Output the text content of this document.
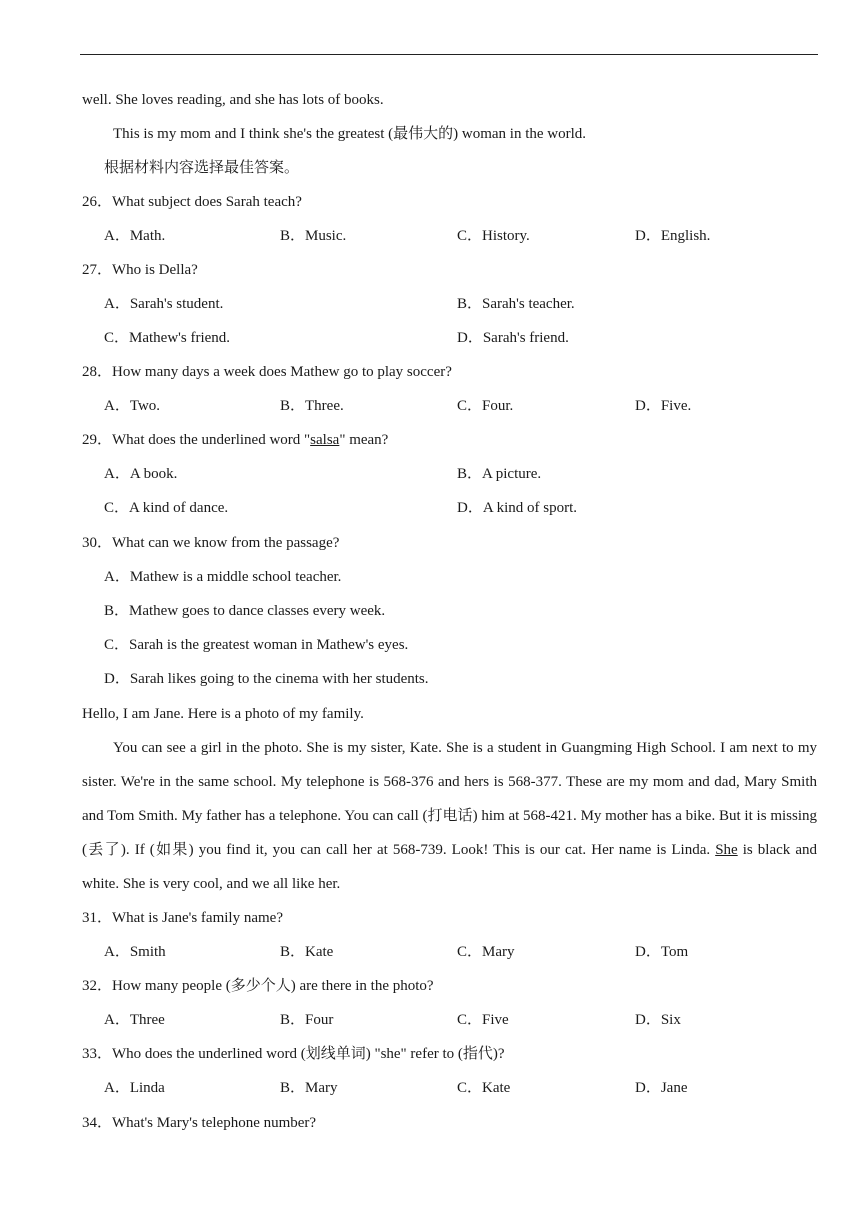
well. She loves reading, and she has lots of books.
This is my mom and I think she's the greatest (最伟大的) woman in the world.
根据材料内容选择最佳答案。
26．What subject does Sarah teach?
A．Math.	B．Music.	C．History.	D．English.
27．Who is Della?
A．Sarah's student.	B．Sarah's teacher.
C．Mathew's friend.	D．Sarah's friend.
28．How many days a week does Mathew go to play soccer?
A．Two.	B．Three.	C．Four.	D．Five.
29．What does the underlined word "salsa" mean?
A．A book.	B．A picture.
C．A kind of dance.	D．A kind of sport.
30．What can we know from the passage?
A．Mathew is a middle school teacher.
B．Mathew goes to dance classes every week.
C．Sarah is the greatest woman in Mathew's eyes.
D．Sarah likes going to the cinema with her students.
Hello, I am Jane. Here is a photo of my family.
You can see a girl in the photo. She is my sister, Kate. She is a student in Guangming High School. I am next to my sister. We're in the same school. My telephone is 568-376 and hers is 568-377. These are my mom and dad, Mary Smith and Tom Smith. My father has a telephone. You can call (打电话) him at 568-421. My mother has a bike. But it is missing (丢了). If (如果) you find it, you can call her at 568-739. Look! This is our cat. Her name is Linda. She is black and white. She is very cool, and we all like her.
31．What is Jane's family name?
A．Smith	B．Kate	C．Mary	D．Tom
32．How many people (多少个人) are there in the photo?
A．Three	B．Four	C．Five	D．Six
33．Who does the underlined word (划线单词) "she" refer to (指代)?
A．Linda	B．Mary	C．Kate	D．Jane
34．What's Mary's telephone number?
